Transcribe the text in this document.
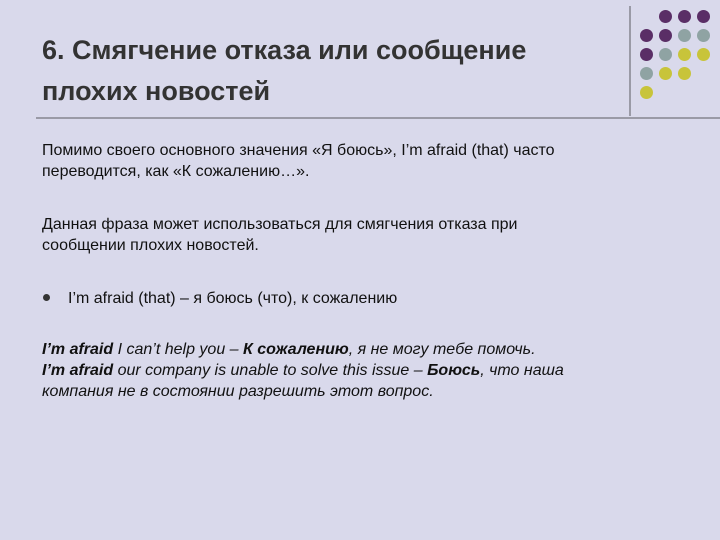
6. Смягчение отказа или сообщение
плохих новостей

Помимо своего основного значения «Я боюсь», I’m afraid (that) часто
переводится, как «К сожалению…».

Данная фраза может использоваться для смягчения отказа при
сообщении плохих новостей.

I’m afraid (that) – я боюсь (что), к сожалению
I’m afraid I can’t help you – К сожалению, я не могу тебе помочь.
I’m afraid our company is unable to solve this issue – Боюсь, что наша
компания не в состоянии разрешить этот вопрос.
